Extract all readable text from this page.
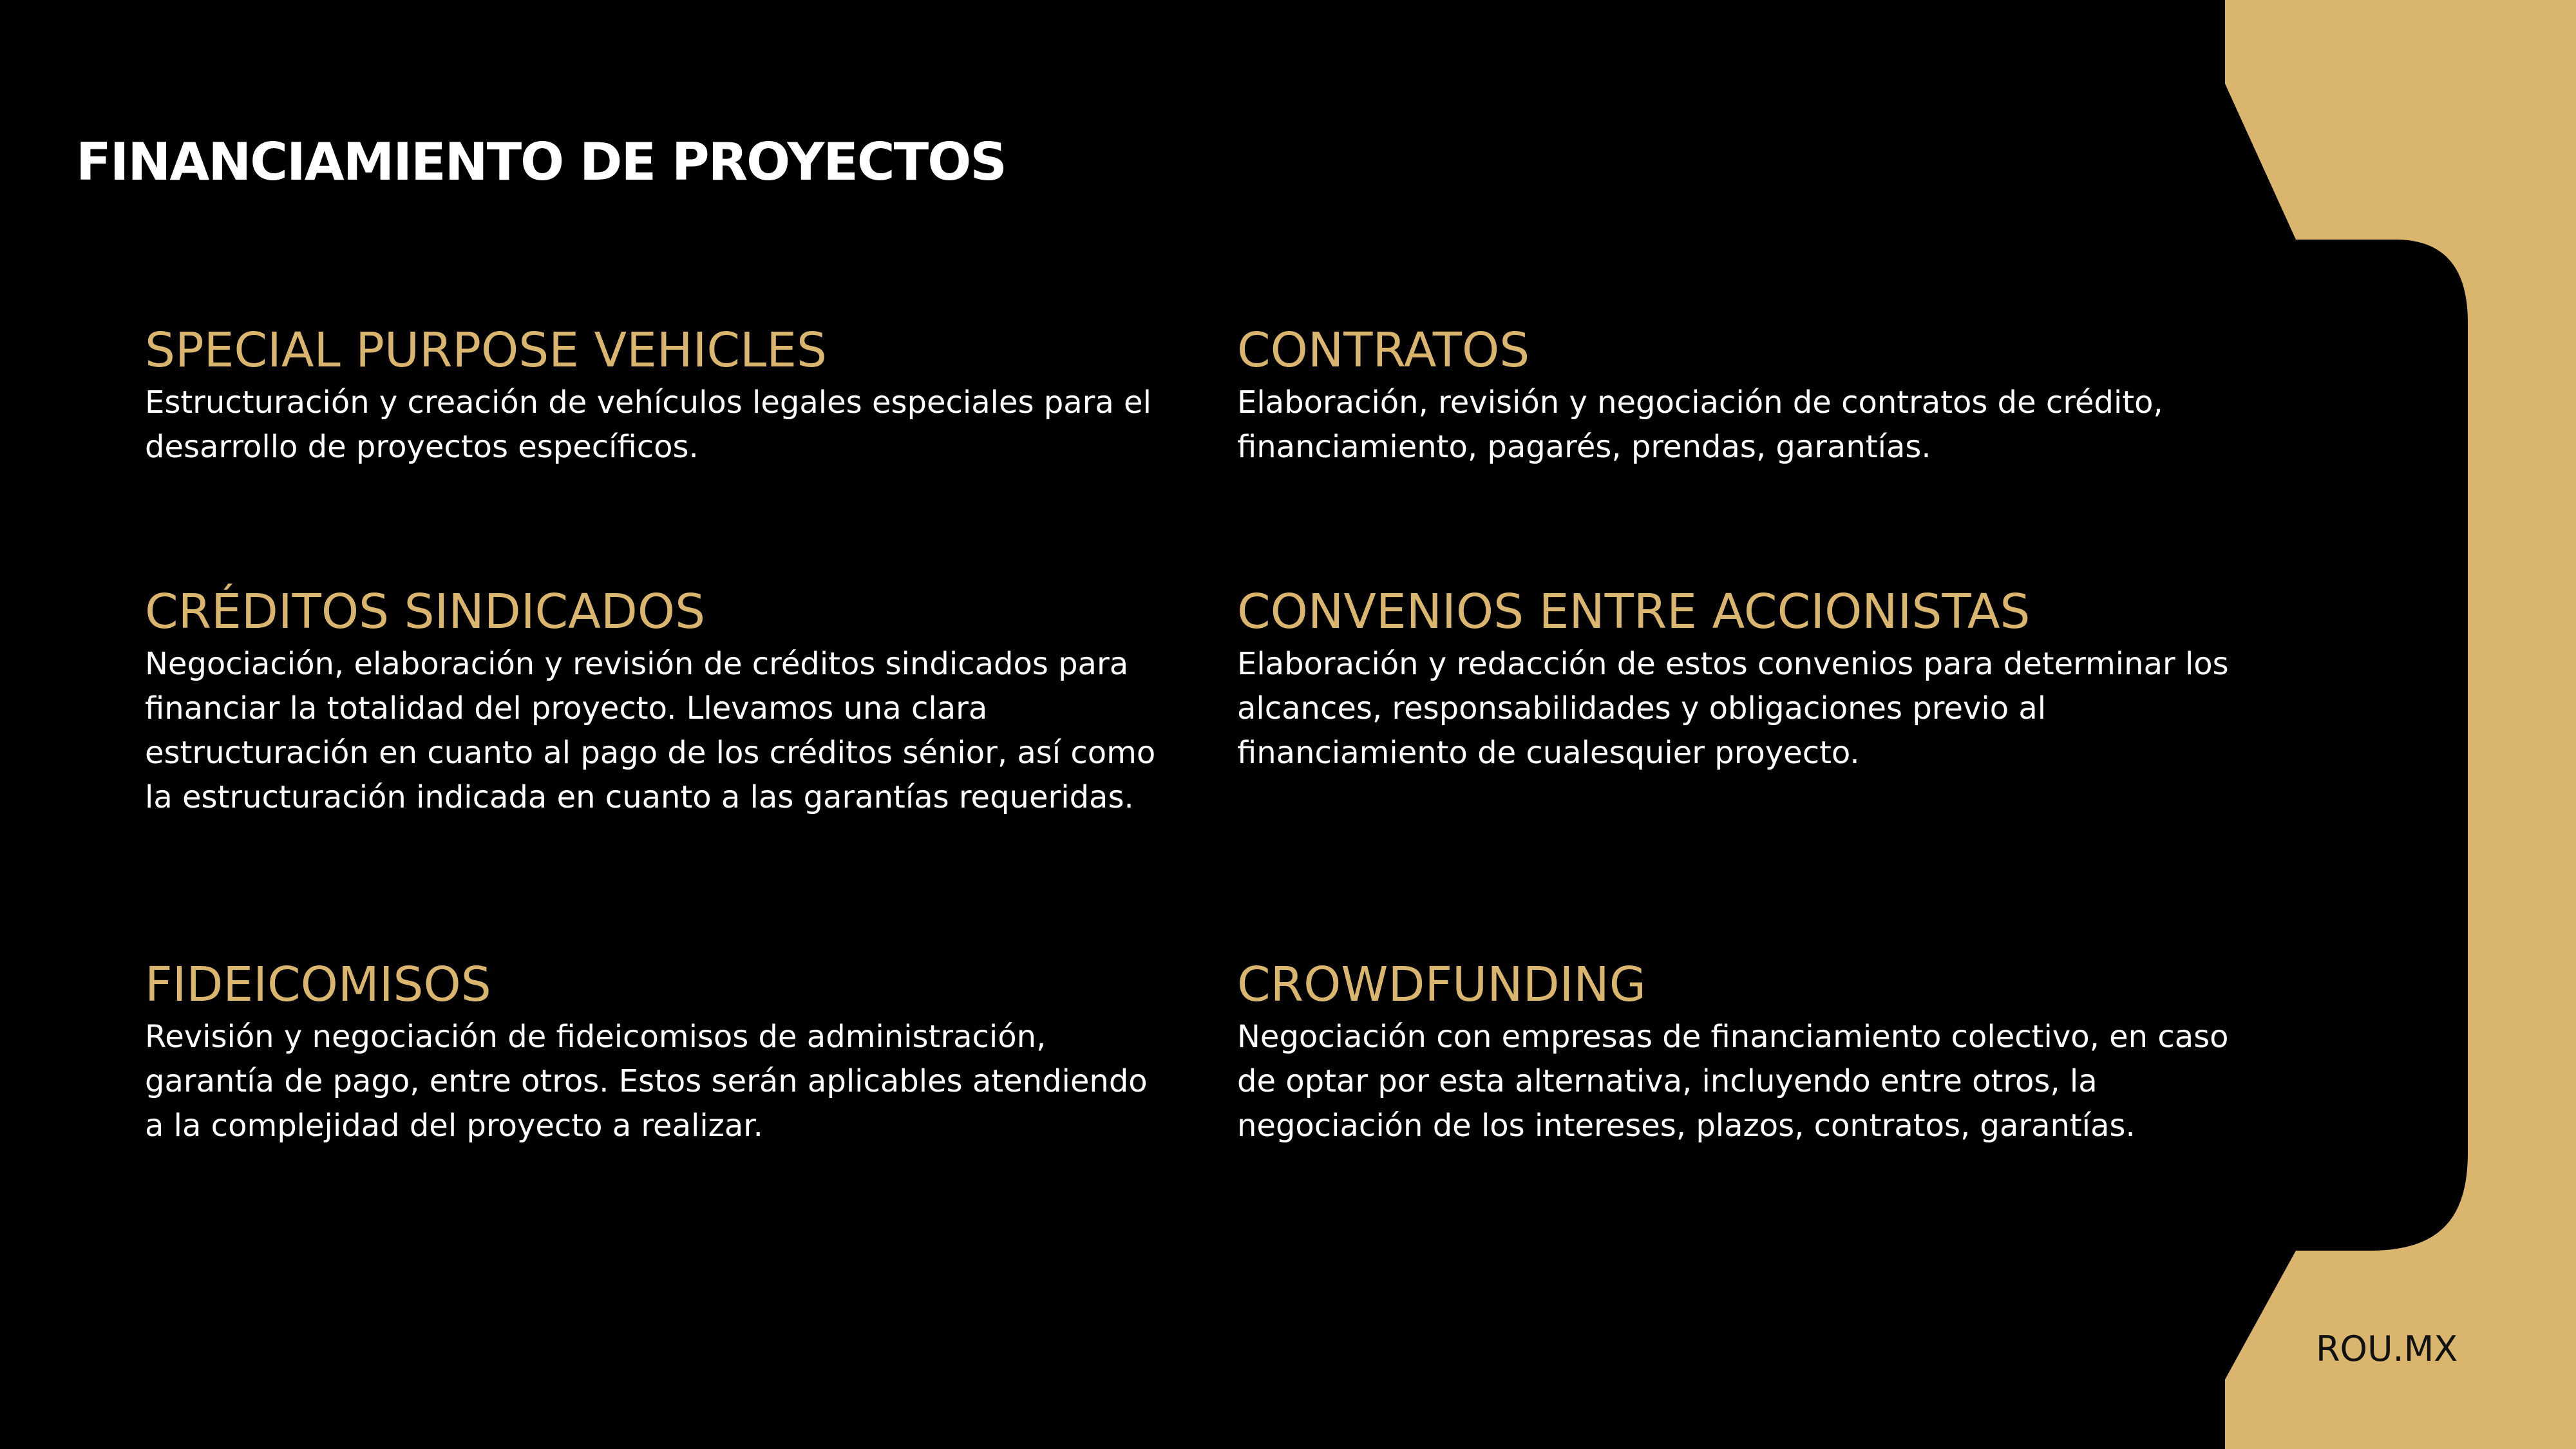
FINANCIAMIENTO DE PROYECTOS
SPECIAL PURPOSE VEHICLES

Estructuración y creación de vehículos legales especiales para el desarrollo de proyectos específicos.

CONTRATOS

Elaboración, revisión y negociación de contratos de crédito, financiamiento, pagarés, prendas, garantías.

CRÉDITOS SINDICADOS

Negociación, elaboración y revisión de créditos sindicados para financiar la totalidad del proyecto. Llevamos una clara estructuración en cuanto al pago de los créditos sénior, así como la estructuración indicada en cuanto a las garantías requeridas.

CONVENIOS ENTRE ACCIONISTAS

Elaboración y redacción de estos convenios para determinar los alcances, responsabilidades y obligaciones previo al financiamiento de cualesquier proyecto.

FIDEICOMISOS

Revisión y negociación de fideicomisos de administración, garantía de pago, entre otros. Estos serán aplicables atendiendo a la complejidad del proyecto a realizar.

CROWDFUNDING

Negociación con empresas de financiamiento colectivo, en caso de optar por esta alternativa, incluyendo entre otros, la negociación de los intereses, plazos, contratos, garantías.

ROU.MX
